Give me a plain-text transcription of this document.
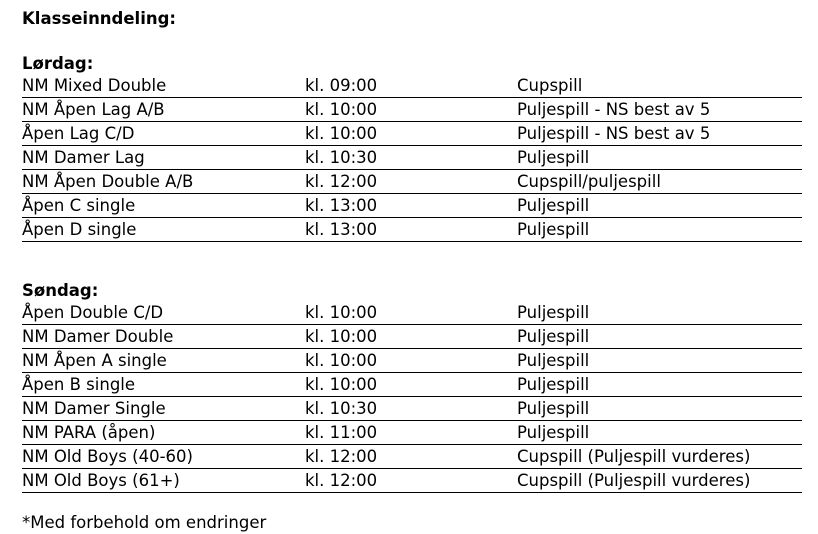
Klasseinndeling:
Lørdag:
NM Mixed Double	kl. 09:00	Cupspill
NM Åpen Lag A/B	kl. 10:00	Puljespill - NS best av 5
Åpen Lag C/D	kl. 10:00	Puljespill - NS best av 5
NM Damer Lag	kl. 10:30	Puljespill
NM Åpen Double A/B	kl. 12:00	Cupspill/puljespill
Åpen C single	kl. 13:00	Puljespill
Åpen D single	kl. 13:00	Puljespill
Søndag:
Åpen Double C/D	kl. 10:00	Puljespill
NM Damer Double	kl. 10:00	Puljespill
NM Åpen A single	kl. 10:00	Puljespill
Åpen B single	kl. 10:00	Puljespill
NM Damer Single	kl. 10:30	Puljespill
NM PARA (åpen)	kl. 11:00	Puljespill
NM Old Boys (40-60)	kl. 12:00	Cupspill (Puljespill vurderes)
NM Old Boys (61+)	kl. 12:00	Cupspill (Puljespill vurderes)
*Med forbehold om endringer
